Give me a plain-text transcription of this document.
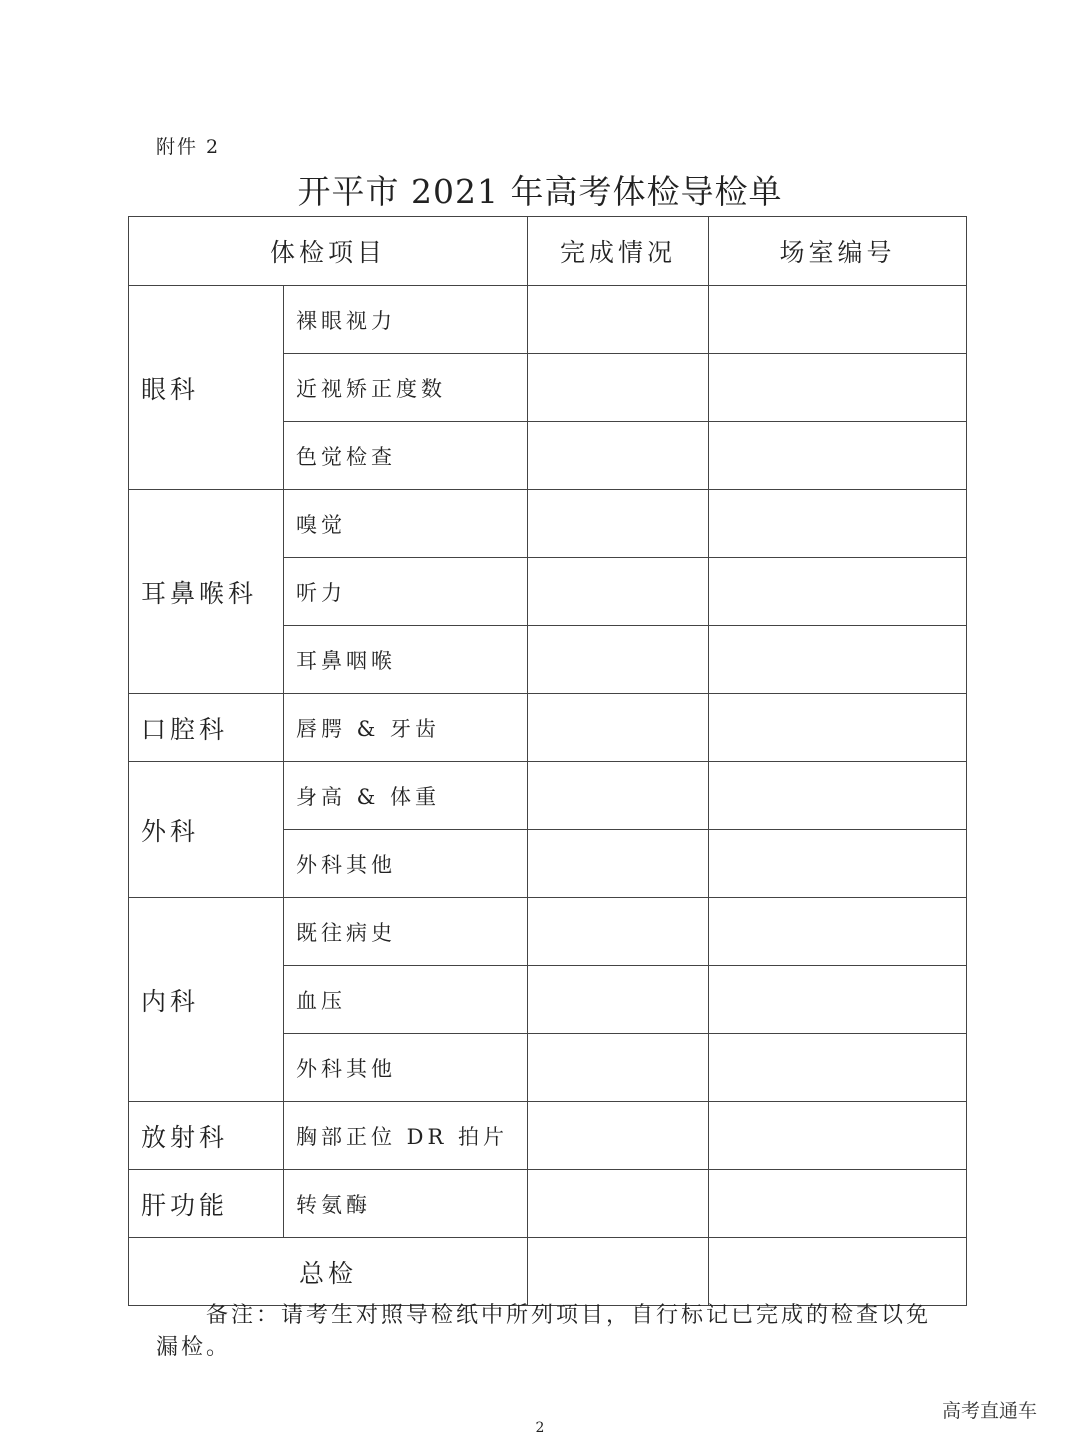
附件 2
开平市 2021 年高考体检导检单
体检项目		完成情况	场室编号
眼科	裸眼视力		
	近视矫正度数		
	色觉检查		
耳鼻喉科	嗅觉		
	听力		
	耳鼻咽喉		
口腔科	唇腭 & 牙齿		
外科	身高 & 体重		
	外科其他		
内科	既往病史		
	血压		
	外科其他		
放射科	胸部正位 DR 拍片		
肝功能	转氨酶		
总检			
备注：请考生对照导检纸中所列项目，自行标记已完成的检查以免漏检。
2
高考直通车
